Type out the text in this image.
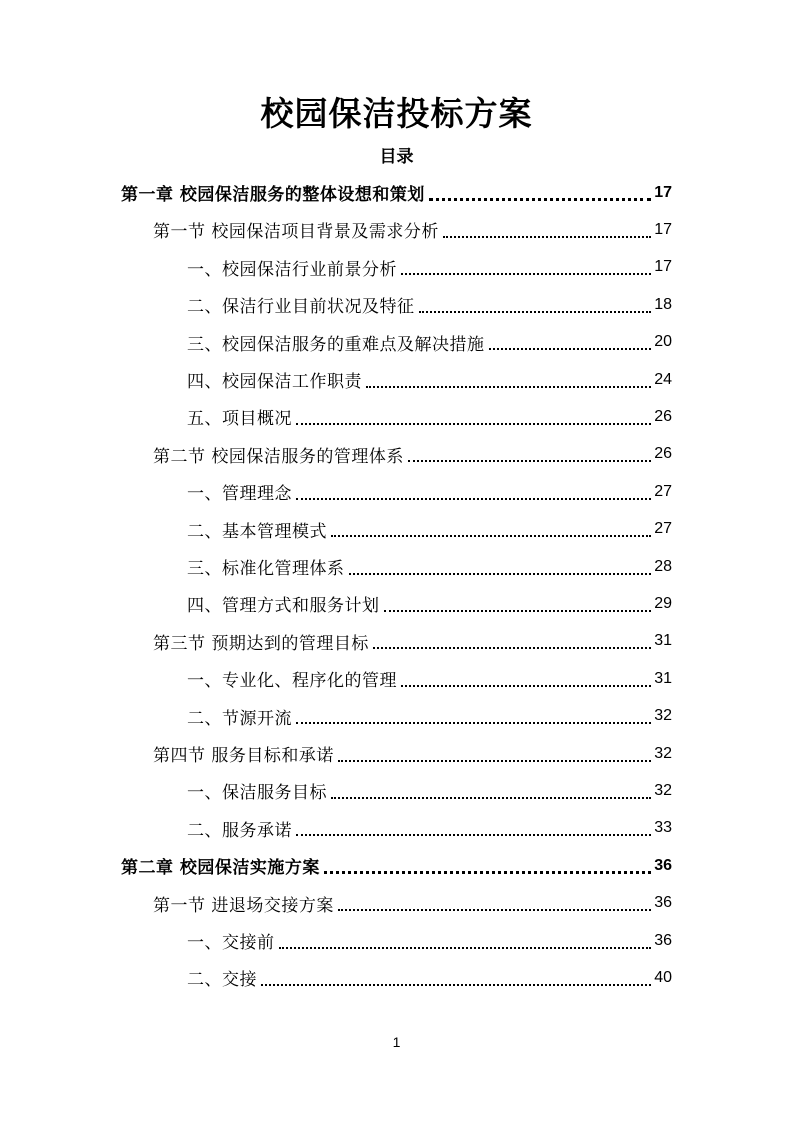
校园保洁投标方案
目录
第一章 校园保洁服务的整体设想和策划	17
第一节 校园保洁项目背景及需求分析	17
一、校园保洁行业前景分析	17
二、保洁行业目前状况及特征	18
三、校园保洁服务的重难点及解决措施	20
四、校园保洁工作职责	24
五、项目概况	26
第二节 校园保洁服务的管理体系	26
一、管理理念	27
二、基本管理模式	27
三、标准化管理体系	28
四、管理方式和服务计划	29
第三节 预期达到的管理目标	31
一、专业化、程序化的管理	31
二、节源开流	32
第四节 服务目标和承诺	32
一、保洁服务目标	32
二、服务承诺	33
第二章 校园保洁实施方案	36
第一节 进退场交接方案	36
一、交接前	36
二、交接	40
1
